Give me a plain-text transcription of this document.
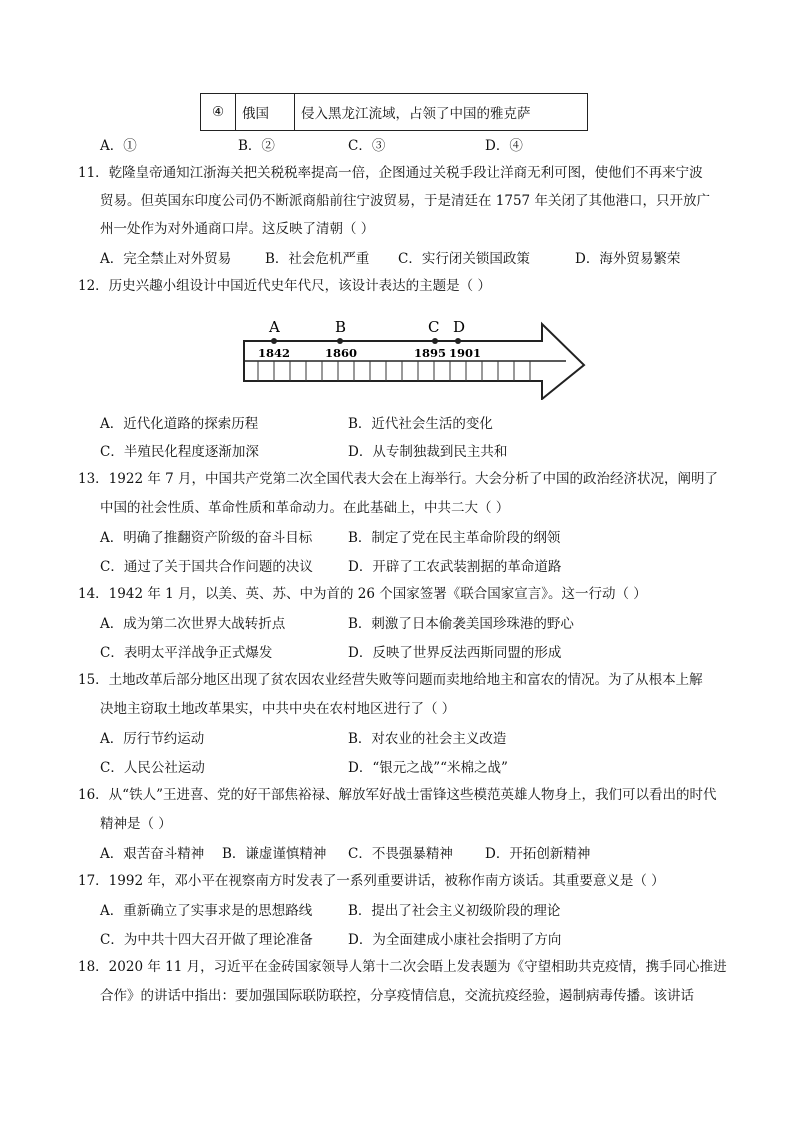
④	俄国	侵入黑龙江流域，占领了中国的雅克萨
A．①	B．②	C．③	D．④
11．乾隆皇帝通知江浙海关把关税税率提高一倍，企图通过关税手段让洋商无利可图，使他们不再来宁波
贸易。但英国东印度公司仍不断派商船前往宁波贸易，于是清廷在 1757 年关闭了其他港口，只开放广
州一处作为对外通商口岸。这反映了清朝（ ）
A．完全禁止对外贸易	B．社会危机严重 C．实行闭关锁国政策	D．海外贸易繁荣
12．历史兴趣小组设计中国近代史年代尺，该设计表达的主题是（ ）
A	B	C D
1842	1860	1895 1901
A．近代化道路的探索历程	B．近代社会生活的变化
C．半殖民化程度逐渐加深	D．从专制独裁到民主共和
13．1922 年 7 月，中国共产党第二次全国代表大会在上海举行。大会分析了中国的政治经济状况，阐明了
中国的社会性质、革命性质和革命动力。在此基础上，中共二大（ ）
A．明确了推翻资产阶级的奋斗目标	B．制定了党在民主革命阶段的纲领
C．通过了关于国共合作问题的决议	D．开辟了工农武装割据的革命道路
14．1942 年 1 月，以美、英、苏、中为首的 26 个国家签署《联合国家宣言》。这一行动（ ）
A．成为第二次世界大战转折点	B．刺激了日本偷袭美国珍珠港的野心
C．表明太平洋战争正式爆发	D．反映了世界反法西斯同盟的形成
15．土地改革后部分地区出现了贫农因农业经营失败等问题而卖地给地主和富农的情况。为了从根本上解
决地主窃取土地改革果实，中共中央在农村地区进行了（ ）
A．厉行节约运动	B．对农业的社会主义改造
C．人民公社运动	D．“银元之战”“米棉之战”
16．从“铁人”王进喜、党的好干部焦裕禄、解放军好战士雷锋这些模范英雄人物身上，我们可以看出的时代
精神是（ ）
A．艰苦奋斗精神 B．谦虚谨慎精神 C．不畏强暴精神 D．开拓创新精神
17．1992 年，邓小平在视察南方时发表了一系列重要讲话，被称作南方谈话。其重要意义是（ ）
A．重新确立了实事求是的思想路线	B．提出了社会主义初级阶段的理论
C．为中共十四大召开做了理论准备	D．为全面建成小康社会指明了方向
18．2020 年 11 月，习近平在金砖国家领导人第十二次会晤上发表题为《守望相助共克疫情，携手同心推进
合作》的讲话中指出：要加强国际联防联控，分享疫情信息，交流抗疫经验，遏制病毒传播。该讲话
